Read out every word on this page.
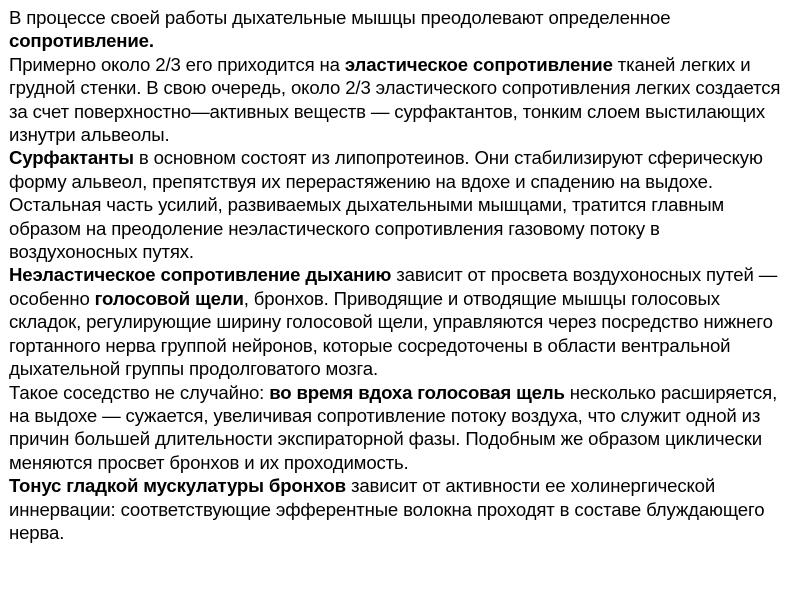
В процессе своей работы дыхательные мышцы преодолевают определенное сопротивление.
Примерно около 2/3 его приходится на эластическое сопротивление тканей легких и грудной стенки. В свою очередь, около 2/3 эластического сопротивления легких создается за счет поверхностно—активных веществ — сурфактантов, тонким слоем выстилающих изнутри альвеолы.
Сурфактанты в основном состоят из липопротеинов. Они стабилизируют сферическую форму альвеол, препятствуя их перерастяжению на вдохе и спадению на выдохе. Остальная часть усилий, развиваемых дыхательными мышцами, тратится главным образом на преодоление неэластического сопротивления газовому потоку в воздухоносных путях.
Неэластическое сопротивление дыханию зависит от просвета воздухоносных путей — особенно голосовой щели, бронхов. Приводящие и отводящие мышцы голосовых складок, регулирующие ширину голосовой щели, управляются через посредство нижнего гортанного нерва группой нейронов, которые сосредоточены в области вентральной дыхательной группы продолговатого мозга.
Такое соседство не случайно: во время вдоха голосовая щель несколько расширяется, на выдохе — сужается, увеличивая сопротивление потоку воздуха, что служит одной из причин большей длительности экспираторной фазы. Подобным же образом циклически меняются просвет бронхов и их проходимость.
Тонус гладкой мускулатуры бронхов зависит от активности ее холинергической иннервации: соответствующие эфферентные волокна проходят в составе блуждающего нерва.
